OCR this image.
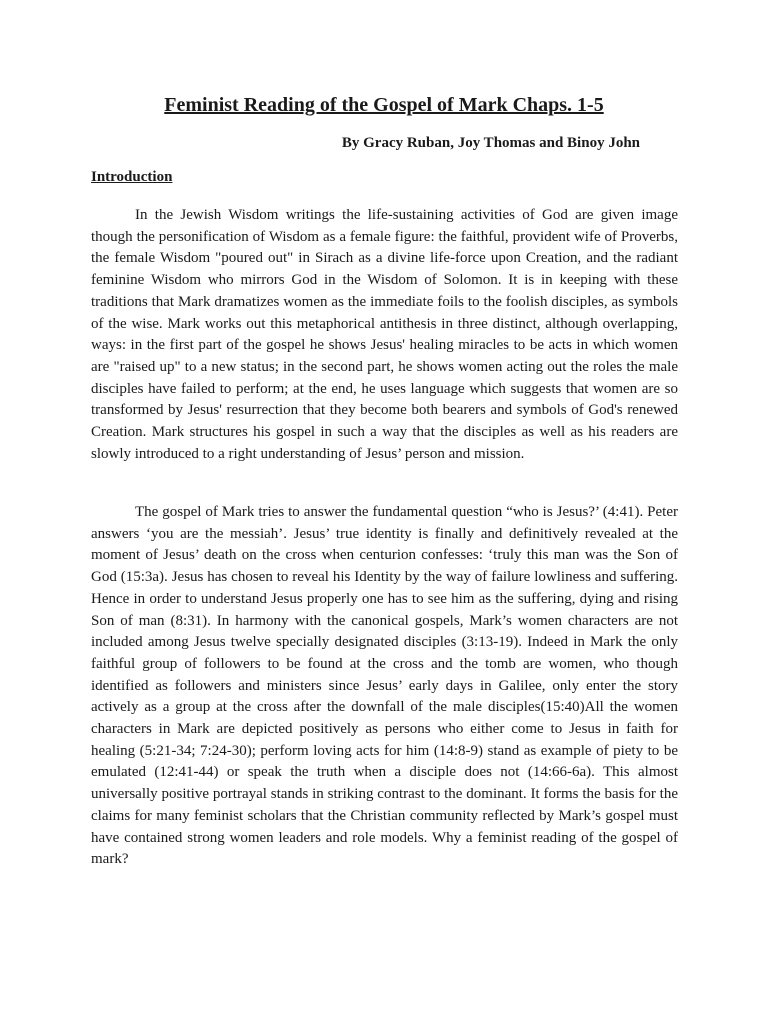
Feminist Reading of the Gospel of Mark Chaps. 1-5

By Gracy Ruban, Joy Thomas and Binoy John

Introduction

In the Jewish Wisdom writings the life-sustaining activities of God are given image though the personification of Wisdom as a female figure: the faithful, provident wife of Proverbs, the female Wisdom "poured out" in Sirach as a divine life-force upon Creation, and the radiant feminine Wisdom who mirrors God in the Wisdom of Solomon. It is in keeping with these traditions that Mark dramatizes women as the immediate foils to the foolish disciples, as symbols of the wise. Mark works out this metaphorical antithesis in three distinct, although overlapping, ways: in the first part of the gospel he shows Jesus' healing miracles to be acts in which women are "raised up" to a new status; in the second part, he shows women acting out the roles the male disciples have failed to perform; at the end, he uses language which suggests that women are so transformed by Jesus' resurrection that they become both bearers and symbols of God's renewed Creation. Mark structures his gospel in such a way that the disciples as well as his readers are slowly introduced to a right understanding of Jesus’ person and mission.

The gospel of Mark tries to answer the fundamental question “who is Jesus?’ (4:41). Peter answers ‘you are the messiah’. Jesus’ true identity is finally and definitively revealed at the moment of Jesus’ death on the cross when centurion confesses: ‘truly this man was the Son of God (15:3a). Jesus has chosen to reveal his Identity by the way of failure lowliness and suffering. Hence in order to understand Jesus properly one has to see him as the suffering, dying and rising Son of man (8:31). In harmony with the canonical gospels, Mark’s women characters are not included among Jesus twelve specially designated disciples (3:13-19). Indeed in Mark the only faithful group of followers to be found at the cross and the tomb are women, who though identified as followers and ministers since Jesus’ early days in Galilee, only enter the story actively as a group at the cross after the downfall of the male disciples(15:40)All the women characters in Mark are depicted positively as persons who either come to Jesus in faith for healing (5:21-34; 7:24-30); perform loving acts for him (14:8-9) stand as example of piety to be emulated (12:41-44) or speak the truth when a disciple does not (14:66-6a). This almost universally positive portrayal stands in striking contrast to the dominant. It forms the basis for the claims for many feminist scholars that the Christian community reflected by Mark’s gospel must have contained strong women leaders and role models. Why a feminist reading of the gospel of mark?
